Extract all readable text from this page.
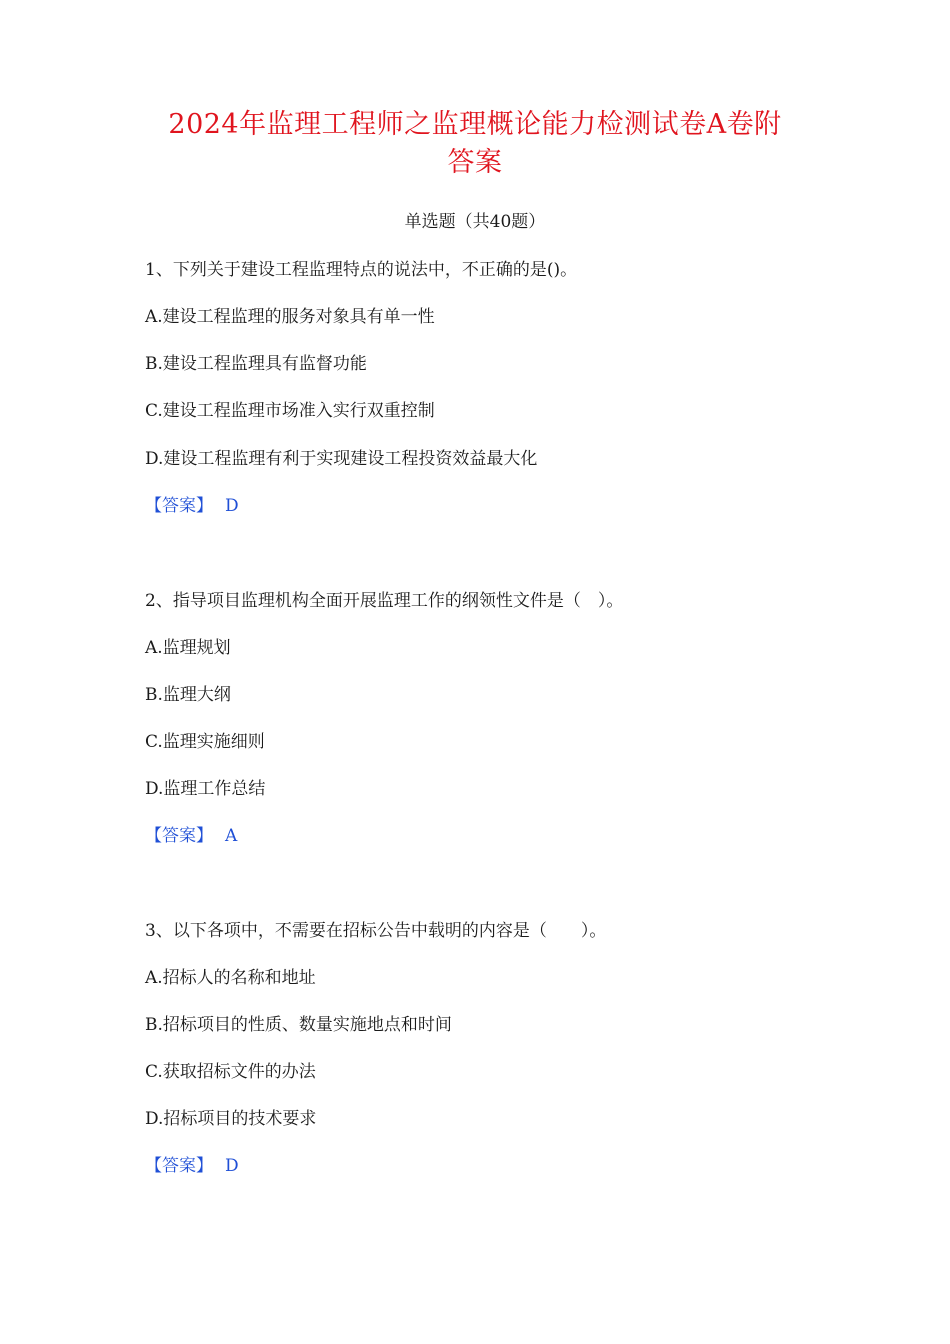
2024年监理工程师之监理概论能力检测试卷A卷附
答案
单选题（共40题）
1、下列关于建设工程监理特点的说法中，不正确的是()。
A.建设工程监理的服务对象具有单一性
B.建设工程监理具有监督功能
C.建设工程监理市场准入实行双重控制
D.建设工程监理有利于实现建设工程投资效益最大化
【答案】 D
2、指导项目监理机构全面开展监理工作的纲领性文件是（　）。
A.监理规划
B.监理大纲
C.监理实施细则
D.监理工作总结
【答案】 A
3、以下各项中，不需要在招标公告中载明的内容是（　　）。
A.招标人的名称和地址
B.招标项目的性质、数量实施地点和时间
C.获取招标文件的办法
D.招标项目的技术要求
【答案】 D
